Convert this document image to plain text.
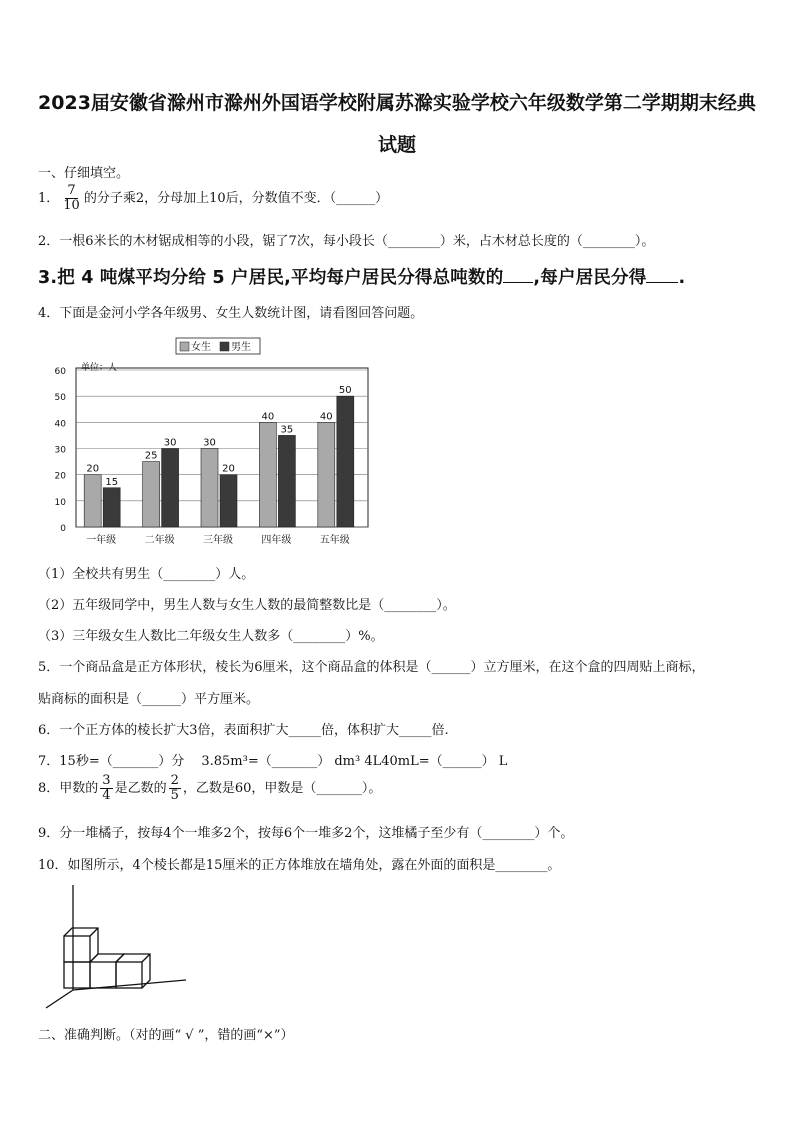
2023届安徽省滁州市滁州外国语学校附属苏滁实验学校六年级数学第二学期期末经典
试题
一、仔细填空。
1． $\frac{7}{10}$ 的分子乘2，分母加上10后，分数值不变．（______）
2．一根6米长的木材锯成相等的小段，锯了7次，每小段长（________）米，占木材总长度的（________）。
3.把 4 吨煤平均分给 5 户居民,平均每户居民分得总吨数的 ,每户居民分得 .
4．下面是金河小学各年级男、女生人数统计图，请看图回答问题。
0
10
20
30
40
50
60 单位：人
女生 男生
20
15
一年级
25
30
二年级
30
20
三年级
40
35
四年级
40
50
五年级
（1）全校共有男生（________）人。
（2）五年级同学中，男生人数与女生人数的最简整数比是（________）。
（3）三年级女生人数比二年级女生人数多（________）%。
5．一个商品盒是正方体形状，棱长为6厘米，这个商品盒的体积是（______）立方厘米，在这个盒的四周贴上商标，
贴商标的面积是（______）平方厘米。
6．一个正方体的棱长扩大3倍，表面积扩大_____倍，体积扩大_____倍.
7．15秒=（_______）分　 3.85m³=（_______） dm³ 4L40mL=（______） L
8．甲数的 $\frac{3}{4}$ 是乙数的 $\frac{2}{5}$ ，乙数是60，甲数是（_______）。
9．分一堆橘子，按每4个一堆多2个，按每6个一堆多2个，这堆橘子至少有（________）个。
10．如图所示，4个棱长都是15厘米的正方体堆放在墙角处，露在外面的面积是________。
二、准确判断。（对的画“ √ ”，错的画“×”）
